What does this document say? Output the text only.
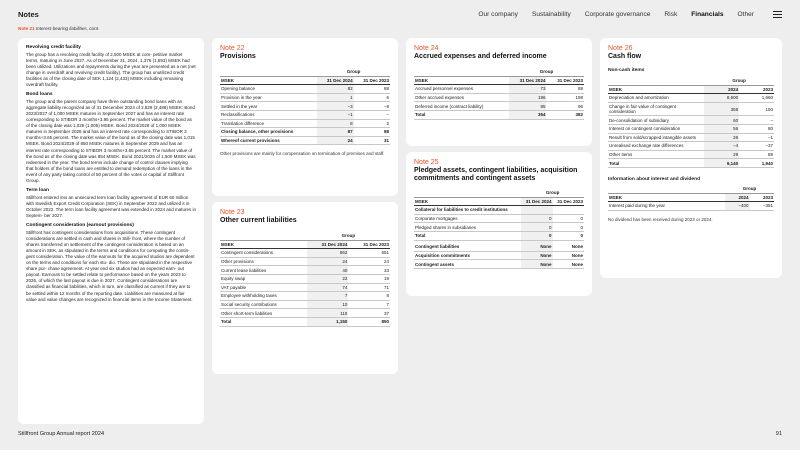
Notes	Our company Sustainability Corporate governance Risk Financials Other
Note 21 Interest-bearing liabilities, cont.
Revolving credit facility

The group has a revolving credit facility of 2,500 MSEK at com- petitive market terms, maturing in June 2027. As of December 31, 2024, 1,376 (1,693) MSEK had been utilized. Utilizations and repayments during the year are presented as a net (net change in overdraft and revolving credit facility). The group has unutilized credit facilities as of the closing date of SEK 1,124 (2,433) MSEK including remaining overdraft facility.

Bond loans

The group and the parent company have three outstanding bond loans with an aggregate liability recognized as of 31 December 2024 of 2,829 (2,488) MSEK: Bond 2023/2027 of 1,000 MSEK matures in September 2027 and has an interest rate corresponding to STIBOR 3 months+3.95 percent. The market value of the bond as of the closing date was 1,026 (1,005) MSEK. Bond 2024/2028 of 1,000 MSEK matures in September 2028 and has an interest rate corresponding to STIBOR 3 months+3.65 percent. The market value of the bond as of the closing date was 1,015 MSEK. Bond 2024/2029 of 850 MSEK matures in September 2029 and has an interest rate corresponding to STIBOR 3 months+3.65 percent. The market value of the bond as of the closing date was 854 MSEK. Bond 2021/2025 of 1,500 MSEK was redeemed in the year. The bond terms include change of control clauses implying that holders of the bond loans are entitled to demand redemption of the loans in the event of any party taking control of 50 percent of the votes or capital of Stillfront Group.

Term loan

Stillfront entered into an unsecured term loan facility agreement of EUR 60 million with Swedish Export Credit Corporation (SEK) in September 2022 and utilized it in October 2022. The term loan facility agreement was extended in 2024 and matures in Septem- ber 2027.

Contingent consideration (earnout provisions)

Stillfront has contingent considerations from acquisitions. These contingent considerations are settled in cash and shares in Still- front, where the number of shares transferred on settlement of the contingent consideration is based on an amount in SEK, as stipulated in the terms and conditions for computing the contin- gent consideration. The value of the earnouts for the acquired studios are dependent on the terms and conditions for each stu- dio. These are stipulated in the respective share pur- chase agreement. At year end six studios had an expected earn- out payout. Earnouts to be settled relate to performance based on the years 2023 to 2026, of which the last payout is due in 2027. Contingent considerations are classified as financial liabilities, which in turn, are classified as current if they are to be settled within 12 months of the reporting date. Liabilities are measured at fair value and value changes are recognized in financial items in the Income Statement.

Note 22
Provisions
	Group	
MSEK	31 Dec 2024	31 Dec 2023
Opening balance	82	88
Provision in the year	1	6
Settled in the year	−3	−8
Reclassifications	−1	–
Translation difference	8	2
Closing balance, other provisions	87	88
Whereof current provisions	24	31
Other provisions are mainly for compensation on termination of premises and staff.
Note 23
Other current liabilities
	Group	
MSEK	31 Dec 2024	31 Dec 2023
Contingent considerations	862	651
Other provisions	24	24
Current lease liabilities	40	33
Equity swap	22	19
VAT payable	74	71
Employee withholding taxes	7	8
Social security contributions	10	7
Other short-term liabilities	110	37
Total	1,150	850
Note 24
Accrued expenses and deferred income
	Group	
MSEK	31 Dec 2024	31 Dec 2023
Accrued personnel expenses	73	88
Other accrued expenses	196	198
Deferred income (contract liability)	85	96
Total	354	382
Note 25
Pledged assets, contingent liabilities, acquisition commitments and contingent assets
	Group	
MSEK	31 Dec 2024	31 Dec 2023
Collateral for liabilities to credit institutions		
Corporate mortgages	0	0
Pledged shares in subsidiaries	0	0
Total	0	0

Contingent liabilities	None	None
Acquisition commitments	None	None
Contingent assets	None	None
Note 26
Cash flow
Non-cash items
	Group	
MSEK	2024	2023
Depreciation and amortization	8,600	1,660
Change in fair value of contingent consideration	368	150
De-consolidation of subsidiary	60	–
Interest on contingent consideration	56	80
Result from sold/scrapped intangible assets	26	−1
Unrealised exchange rate differences	−4	−37
Other items	29	88
Total	9,140	1,940
Information about interest and dividend
	Group	
MSEK	2024	2023
Interest paid during the year	−400	−351
No dividend has been received during 2023 or 2024.
Stillfront Group Annual report 2024	91
